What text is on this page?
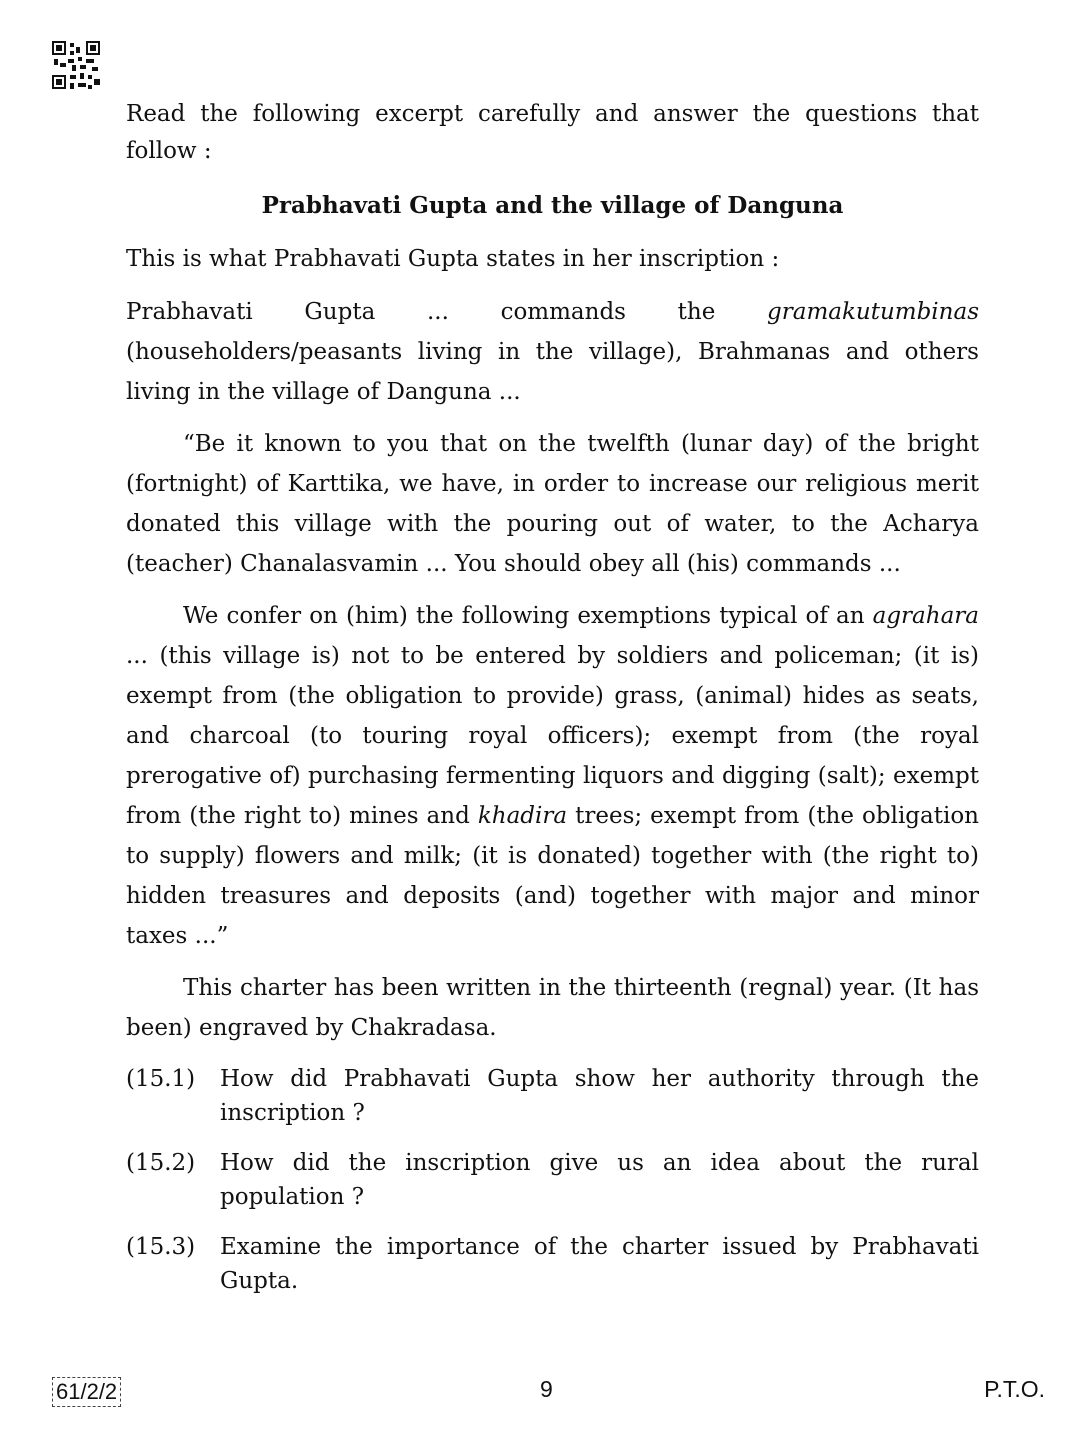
Read the following excerpt carefully and answer the questions that follow :

Prabhavati Gupta and the village of Danguna

This is what Prabhavati Gupta states in her inscription :

Prabhavati Gupta ... commands the gramakutumbinas (householders/peasants living in the village), Brahmanas and others living in the village of Danguna ...

“Be it known to you that on the twelfth (lunar day) of the bright (fortnight) of Karttika, we have, in order to increase our religious merit donated this village with the pouring out of water, to the Acharya (teacher) Chanalasvamin ... You should obey all (his) commands ...

We confer on (him) the following exemptions typical of an agrahara ... (this village is) not to be entered by soldiers and policeman; (it is) exempt from (the obligation to provide) grass, (animal) hides as seats, and charcoal (to touring royal officers); exempt from (the royal prerogative of) purchasing fermenting liquors and digging (salt); exempt from (the right to) mines and khadira trees; exempt from (the obligation to supply) flowers and milk; (it is donated) together with (the right to) hidden treasures and deposits (and) together with major and minor taxes ...”

This charter has been written in the thirteenth (regnal) year. (It has been) engraved by Chakradasa.

(15.1)	How did Prabhavati Gupta show her authority through the inscription ?
(15.2)	How did the inscription give us an idea about the rural population ?
(15.3)	Examine the importance of the charter issued by Prabhavati Gupta.
61/2/2	9	P.T.O.
